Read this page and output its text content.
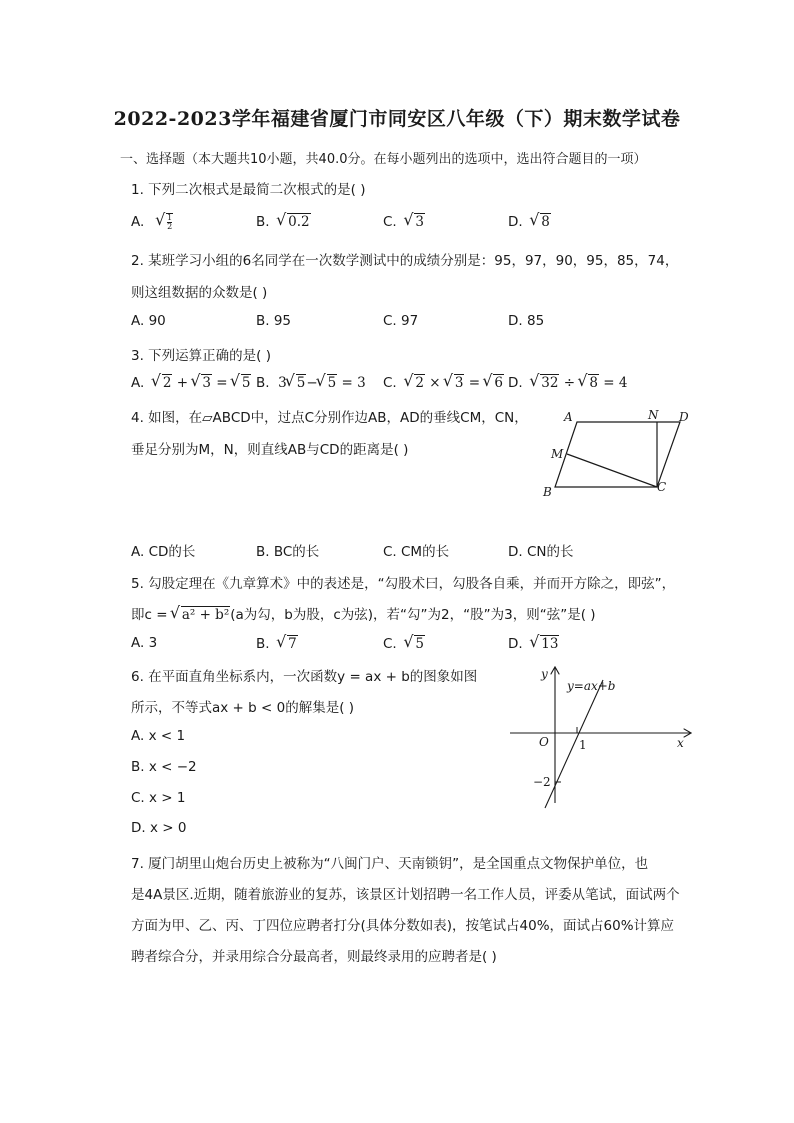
2022-2023学年福建省厦门市同安区八年级（下）期末数学试卷
一、选择题（本大题共10小题，共40.0分。在每小题列出的选项中，选出符合题目的一项）
1. 下列二次根式是最简二次根式的是( )
A.	√ $\frac{1}{2}$	B. √ 0.2	C. √ 3	D. √ 8
2. 某班学习小组的6名同学在一次数学测试中的成绩分别是：95，97，90，95，85，74，
则这组数据的众数是( )
A. 90	B. 95	C. 97	D. 85
3. 下列运算正确的是( )
A. √ 2 + √ 3 = √ 5 B. 3 √ 5− √ 5 = 3 C. √ 2 × √ 3 = √ 6 D. √ 32 ÷ √ 8 = 4
4. 如图，在▱ABCD中，过点C分别作边AB，AD的垂线CM，CN，
垂足分别为M，N，则直线AB与CD的距离是( )
A	N D
M
B	C
A. CD的长	B. BC的长	C. CM的长	D. CN的长
5. 勾股定理在《九章算术》中的表述是，“勾股术曰，勾股各自乘，并而开方除之，即弦”，
即c = √ a² + b²(a为勾，b为股，c为弦)，若“勾”为2，“股”为3，则“弦”是( )
A. 3	B. √ 7	C. √ 5	D. √ 13
6. 在平面直角坐标系内，一次函数y = ax + b的图象如图
所示，不等式ax + b < 0的解集是( )
A. x < 1
B. x < −2
C. x > 1
D. x > 0
y
x
O	1
−2
y=ax+b
7. 厦门胡里山炮台历史上被称为“八闽门户、天南锁钥”，是全国重点文物保护单位，也
是4A景区.近期，随着旅游业的复苏，该景区计划招聘一名工作人员，评委从笔试，面试两个
方面为甲、乙、丙、丁四位应聘者打分(具体分数如表)，按笔试占40%，面试占60%计算应
聘者综合分，并录用综合分最高者，则最终录用的应聘者是( )
